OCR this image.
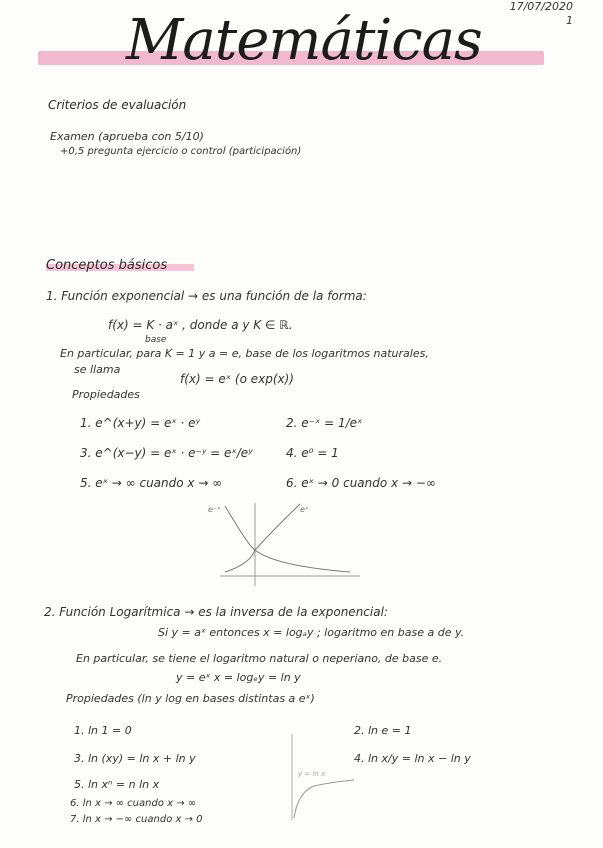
17/07/2020
1
Matemáticas
Criterios de evaluación
Examen (aprueba con 5/10)
+0,5 pregunta ejercicio o control (participación)
Conceptos básicos
1. Función exponencial → es una función de la forma:
f(x) = K · aˣ , donde a y K ∈ ℝ.
base
En particular, para K = 1 y a = e, base de los logaritmos naturales,
se llama
f(x) = eˣ (o exp(x))
Propiedades
1. e^(x+y) = eˣ · eʸ	2. e⁻ˣ = 1/eˣ
3. e^(x−y) = eˣ · e⁻ʸ = eˣ/eʸ	4. e⁰ = 1
5. eˣ → ∞ cuando x → ∞	6. eˣ → 0 cuando x → −∞
e⁻ˣ	eˣ
2. Función Logarítmica → es la inversa de la exponencial:
Si y = aˣ entonces x = logₐy ; logaritmo en base a de y.
En particular, se tiene el logaritmo natural o neperiano, de base e.
y = eˣ x = logₑy = ln y
Propiedades (ln y log en bases distintas a eˣ)
1. ln 1 = 0	2. ln e = 1
3. ln (xy) = ln x + ln y	4. ln x/y = ln x − ln y
5. ln xⁿ = n ln x
6. ln x → ∞ cuando x → ∞
7. ln x → −∞ cuando x → 0
y = ln x
